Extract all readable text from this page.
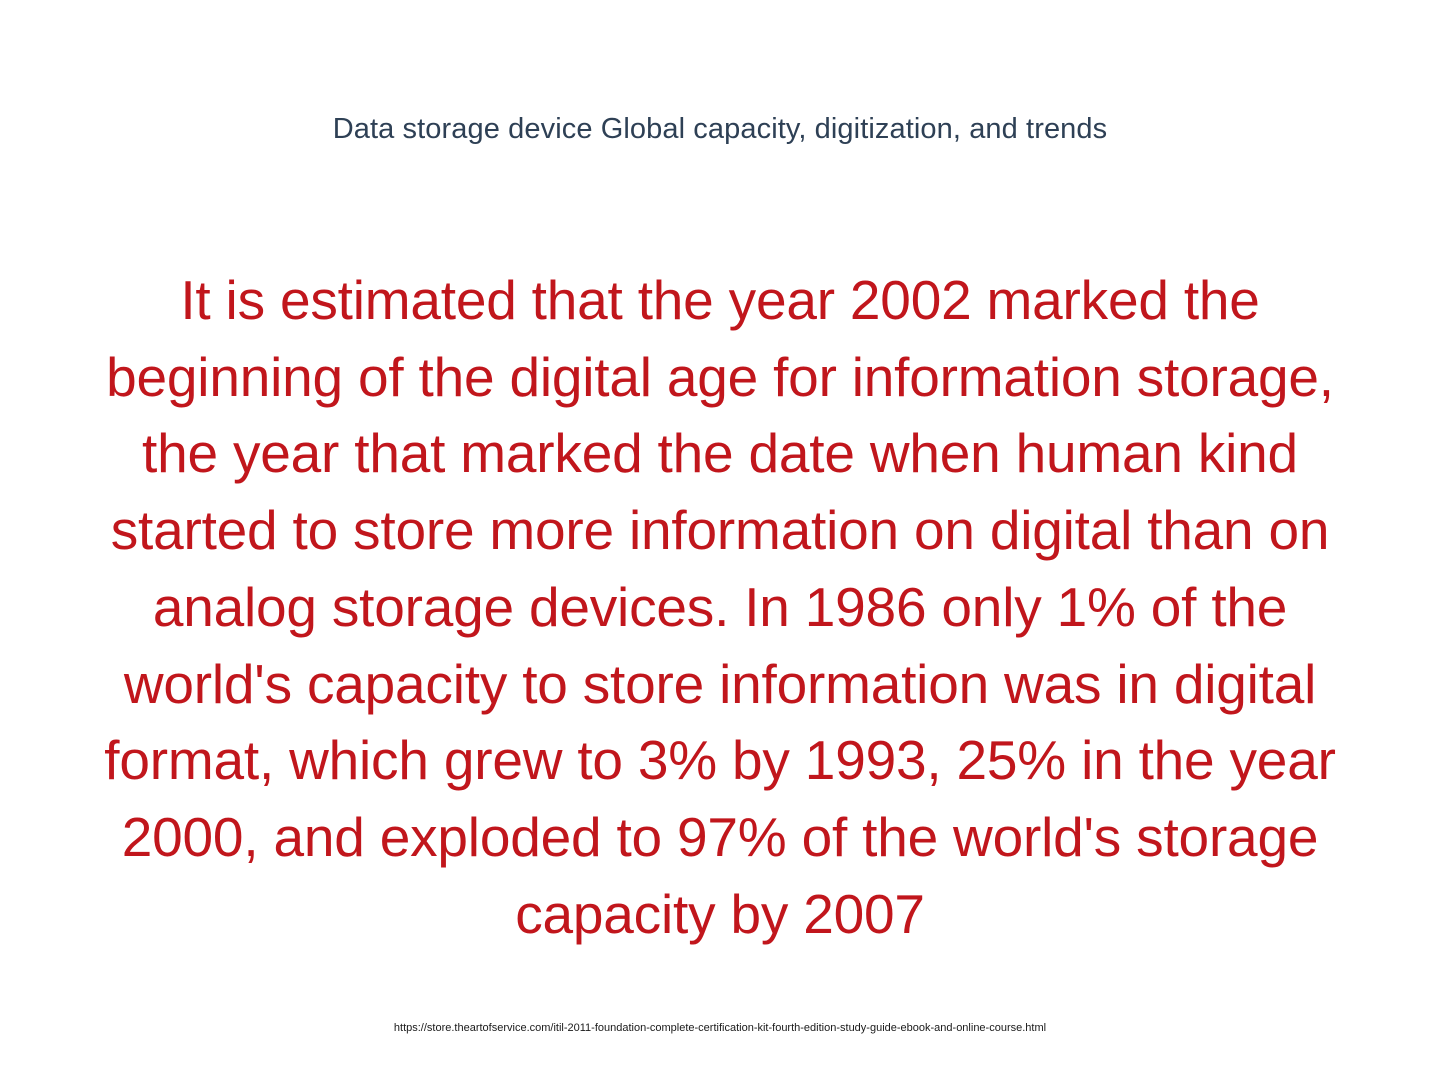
Data storage device Global capacity, digitization, and trends
It is estimated that the year 2002 marked the beginning of the digital age for information storage, the year that marked the date when human kind started to store more information on digital than on analog storage devices. In 1986 only 1% of the world's capacity to store information was in digital format, which grew to 3% by 1993, 25% in the year 2000, and exploded to 97% of the world's storage capacity by 2007
https://store.theartofservice.com/itil-2011-foundation-complete-certification-kit-fourth-edition-study-guide-ebook-and-online-course.html
